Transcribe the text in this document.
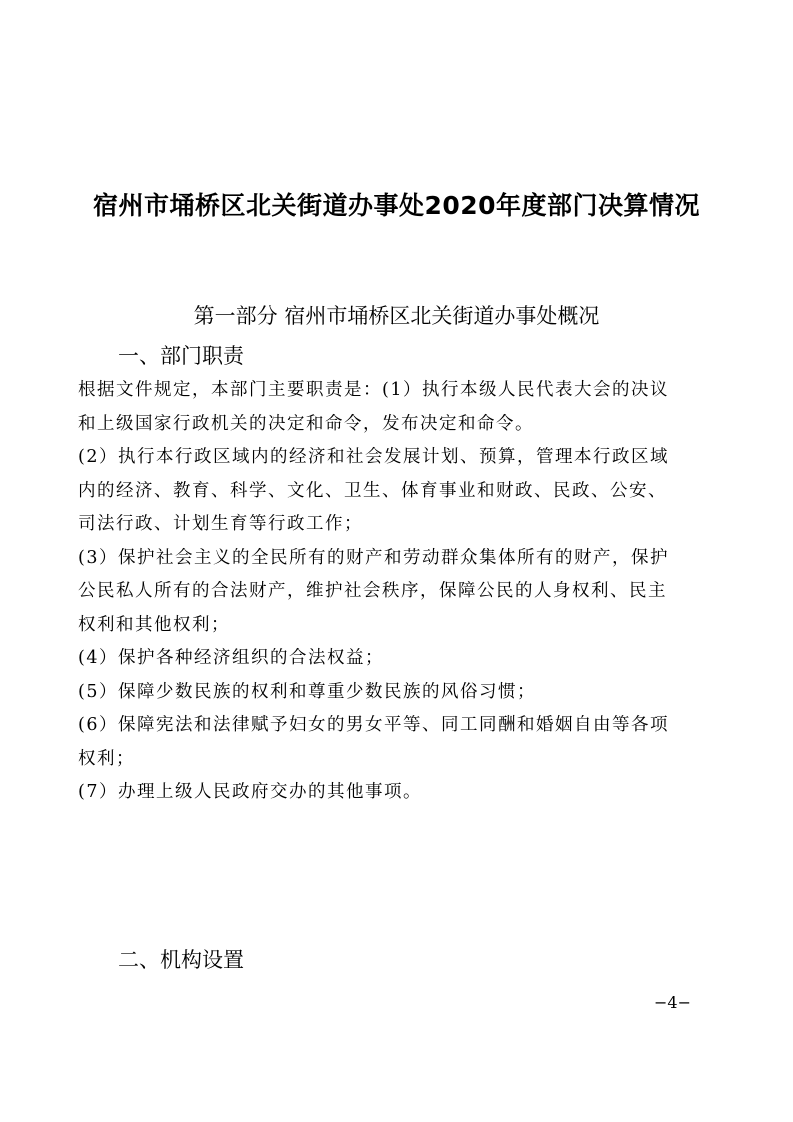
宿州市埇桥区北关街道办事处2020年度部门决算情况
第一部分 宿州市埇桥区北关街道办事处概况
一、部门职责
根据文件规定，本部门主要职责是：(1）执行本级人民代表大会的决议
和上级国家行政机关的决定和命令，发布决定和命令。
(2）执行本行政区域内的经济和社会发展计划、预算，管理本行政区域
内的经济、教育、科学、文化、卫生、体育事业和财政、民政、公安、
司法行政、计划生育等行政工作；
(3）保护社会主义的全民所有的财产和劳动群众集体所有的财产，保护
公民私人所有的合法财产，维护社会秩序，保障公民的人身权利、民主
权利和其他权利；
(4）保护各种经济组织的合法权益；
(5）保障少数民族的权利和尊重少数民族的风俗习惯；
(6）保障宪法和法律赋予妇女的男女平等、同工同酬和婚姻自由等各项
权利；
(7）办理上级人民政府交办的其他事项。
二、机构设置
−4−
